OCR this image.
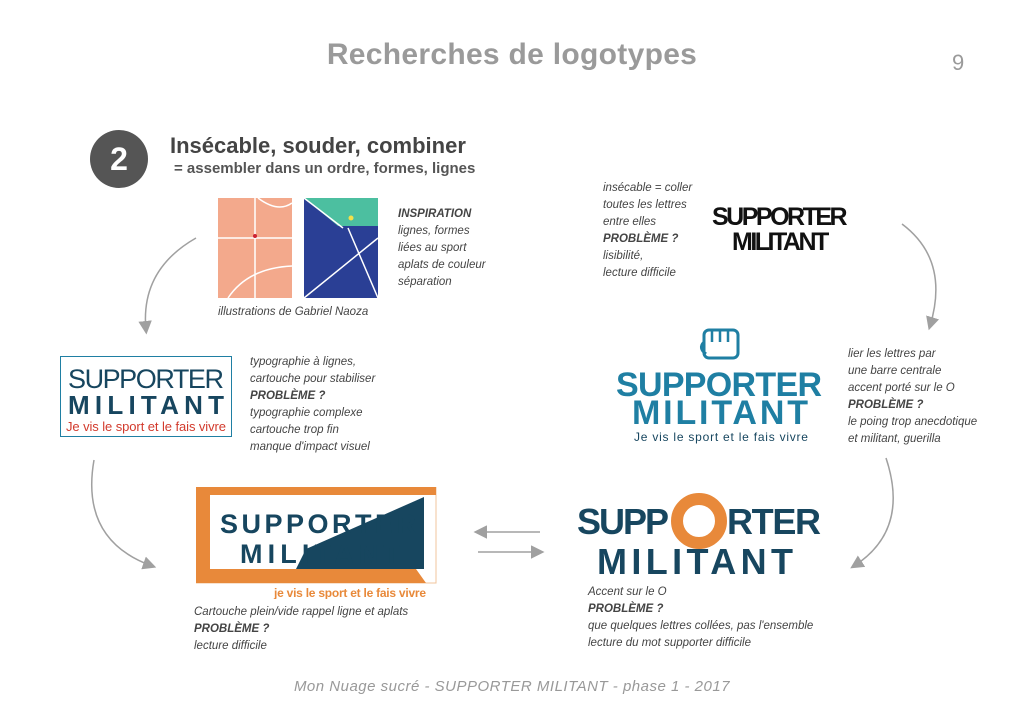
Recherches de logotypes	9
2	Insécable, souder, combiner
= assembler dans un ordre, formes, lignes
illustrations de Gabriel Naoza
INSPIRATION
lignes, formes
liées au sport
aplats de couleur
séparation
insécable = coller
toutes les lettres
entre elles
PROBLÈME ?
lisibilité,
lecture difficile
SUPPORTER
MILITANT
SUPPORTER
MILITANT
Je vis le sport et le fais vivre
typographie à lignes,
cartouche pour stabiliser
PROBLÈME ?
typographie complexe
cartouche trop fin
manque d'impact visuel
SUPPORTER
MILITANT
Je vis le sport et le fais vivre
lier les lettres par
une barre centrale
accent porté sur le O
PROBLÈME ?
le poing trop anecdotique
et militant, guerilla
SUPPORTER
MILITANT
je vis le sport et le fais vivre
Cartouche plein/vide rappel ligne et aplats
PROBLÈME ?
lecture difficile
SUPP RTER
MILITANT
Accent sur le O
PROBLÈME ?
que quelques lettres collées, pas l'ensemble
lecture du mot supporter difficile
Mon Nuage sucré - SUPPORTER MILITANT - phase 1 - 2017
